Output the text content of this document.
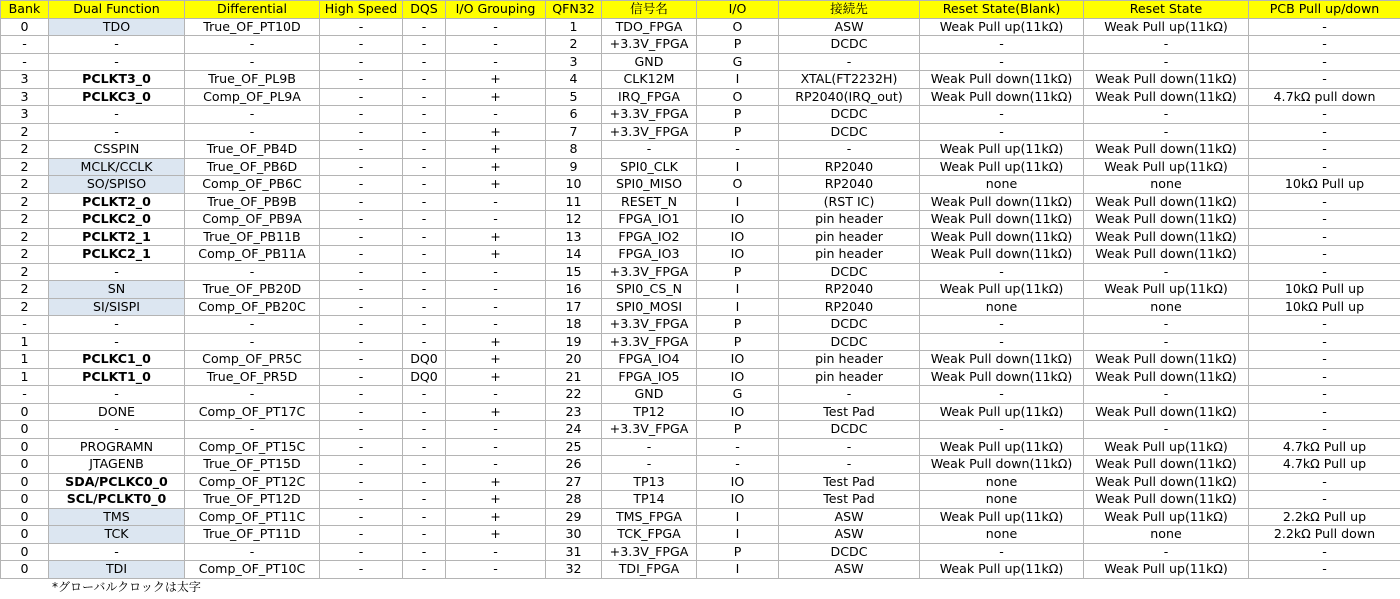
Bank	Dual Function	Differential	High Speed	DQS	I/O Grouping	QFN32	信号名	I/O	接続先	Reset State(Blank)	Reset State	PCB Pull up/down
0	TDO	True_OF_PT10D	-	-	-	1	TDO_FPGA	O	ASW	Weak Pull up(11kΩ)	Weak Pull up(11kΩ)	-
-	-	-	-	-	-	2	+3.3V_FPGA	P	DCDC	-	-	-
-	-	-	-	-	-	3	GND	G	-	-	-	-
3	PCLKT3_0	True_OF_PL9B	-	-	+	4	CLK12M	I	XTAL(FT2232H)	Weak Pull down(11kΩ)	Weak Pull down(11kΩ)	-
3	PCLKC3_0	Comp_OF_PL9A	-	-	+	5	IRQ_FPGA	O	RP2040(IRQ_out)	Weak Pull down(11kΩ)	Weak Pull down(11kΩ)	4.7kΩ pull down
3	-	-	-	-	-	6	+3.3V_FPGA	P	DCDC	-	-	-
2	-	-	-	-	+	7	+3.3V_FPGA	P	DCDC	-	-	-
2	CSSPIN	True_OF_PB4D	-	-	+	8	-	-	-	Weak Pull up(11kΩ)	Weak Pull down(11kΩ)	-
2	MCLK/CCLK	True_OF_PB6D	-	-	+	9	SPI0_CLK	I	RP2040	Weak Pull up(11kΩ)	Weak Pull up(11kΩ)	-
2	SO/SPISO	Comp_OF_PB6C	-	-	+	10	SPI0_MISO	O	RP2040	none	none	10kΩ Pull up
2	PCLKT2_0	True_OF_PB9B	-	-	-	11	RESET_N	I	(RST IC)	Weak Pull down(11kΩ)	Weak Pull down(11kΩ)	-
2	PCLKC2_0	Comp_OF_PB9A	-	-	-	12	FPGA_IO1	IO	pin header	Weak Pull down(11kΩ)	Weak Pull down(11kΩ)	-
2	PCLKT2_1	True_OF_PB11B	-	-	+	13	FPGA_IO2	IO	pin header	Weak Pull down(11kΩ)	Weak Pull down(11kΩ)	-
2	PCLKC2_1	Comp_OF_PB11A	-	-	+	14	FPGA_IO3	IO	pin header	Weak Pull down(11kΩ)	Weak Pull down(11kΩ)	-
2	-	-	-	-	-	15	+3.3V_FPGA	P	DCDC	-	-	-
2	SN	True_OF_PB20D	-	-	-	16	SPI0_CS_N	I	RP2040	Weak Pull up(11kΩ)	Weak Pull up(11kΩ)	10kΩ Pull up
2	SI/SISPI	Comp_OF_PB20C	-	-	-	17	SPI0_MOSI	I	RP2040	none	none	10kΩ Pull up
-	-	-	-	-	-	18	+3.3V_FPGA	P	DCDC	-	-	-
1	-	-	-	-	+	19	+3.3V_FPGA	P	DCDC	-	-	-
1	PCLKC1_0	Comp_OF_PR5C	-	DQ0	+	20	FPGA_IO4	IO	pin header	Weak Pull down(11kΩ)	Weak Pull down(11kΩ)	-
1	PCLKT1_0	True_OF_PR5D	-	DQ0	+	21	FPGA_IO5	IO	pin header	Weak Pull down(11kΩ)	Weak Pull down(11kΩ)	-
-	-	-	-	-	-	22	GND	G	-	-	-	-
0	DONE	Comp_OF_PT17C	-	-	+	23	TP12	IO	Test Pad	Weak Pull up(11kΩ)	Weak Pull down(11kΩ)	-
0	-	-	-	-	-	24	+3.3V_FPGA	P	DCDC	-	-	-
0	PROGRAMN	Comp_OF_PT15C	-	-	-	25	-	-	-	Weak Pull up(11kΩ)	Weak Pull up(11kΩ)	4.7kΩ Pull up
0	JTAGENB	True_OF_PT15D	-	-	-	26	-	-	-	Weak Pull down(11kΩ)	Weak Pull down(11kΩ)	4.7kΩ Pull up
0	SDA/PCLKC0_0	Comp_OF_PT12C	-	-	+	27	TP13	IO	Test Pad	none	Weak Pull down(11kΩ)	-
0	SCL/PCLKT0_0	True_OF_PT12D	-	-	+	28	TP14	IO	Test Pad	none	Weak Pull down(11kΩ)	-
0	TMS	Comp_OF_PT11C	-	-	+	29	TMS_FPGA	I	ASW	Weak Pull up(11kΩ)	Weak Pull up(11kΩ)	2.2kΩ Pull up
0	TCK	True_OF_PT11D	-	-	+	30	TCK_FPGA	I	ASW	none	none	2.2kΩ Pull down
0	-	-	-	-	-	31	+3.3V_FPGA	P	DCDC	-	-	-
0	TDI	Comp_OF_PT10C	-	-	-	32	TDI_FPGA	I	ASW	Weak Pull up(11kΩ)	Weak Pull up(11kΩ)	-
*グローバルクロックは太字
